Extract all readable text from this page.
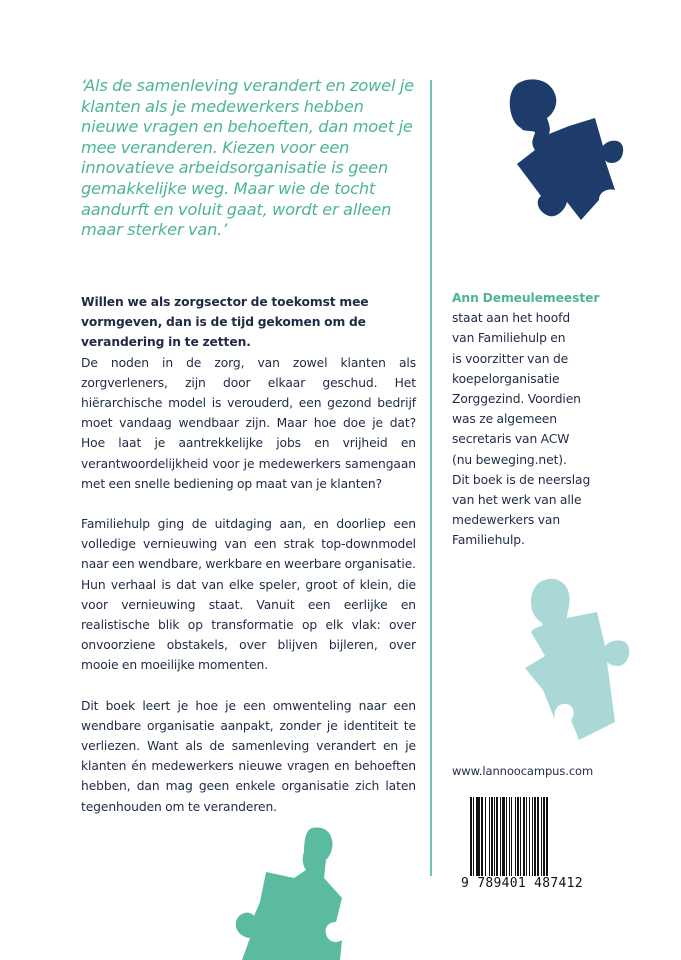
‘Als de samenleving verandert en zowel je klanten als je medewerkers hebben nieuwe vragen en behoeften, dan moet je mee veranderen. Kiezen voor een innovatieve arbeidsorganisatie is geen gemakkelijke weg. Maar wie de tocht aandurft en voluit gaat, wordt er alleen maar sterker van.’

Willen we als zorgsector de toekomst mee vormgeven, dan is de tijd gekomen om de verandering in te zetten.

De noden in de zorg, van zowel klanten als zorgverleners, zijn door elkaar geschud. Het hiërarchische model is verouderd, een gezond bedrijf moet vandaag wendbaar zijn. Maar hoe doe je dat? Hoe laat je aantrekkelijke jobs en vrijheid en verantwoordelijkheid voor je medewerkers samengaan met een snelle bediening op maat van je klanten?

Familiehulp ging de uitdaging aan, en doorliep een volledige vernieuwing van een strak top-downmodel naar een wendbare, werkbare en weerbare organisatie. Hun verhaal is dat van elke speler, groot of klein, die voor vernieuwing staat. Vanuit een eerlijke en realistische blik op transformatie op elk vlak: over onvoorziene obstakels, over blijven bijleren, over mooie en moeilijke momenten.

Dit boek leert je hoe je een omwenteling naar een wendbare organisatie aanpakt, zonder je identiteit te verliezen. Want als de samenleving verandert en je klanten én medewerkers nieuwe vragen en behoeften hebben, dan mag geen enkele organisatie zich laten tegenhouden om te veranderen.

Ann Demeulemeester
staat aan het hoofd
van Familiehulp en
is voorzitter van de
koepelorganisatie
Zorggezind. Voordien
was ze algemeen
secretaris van ACW
(nu beweging.net).
Dit boek is de neerslag
van het werk van alle
medewerkers van
Familiehulp.
www.lannoocampus.com
9 789401 487412
